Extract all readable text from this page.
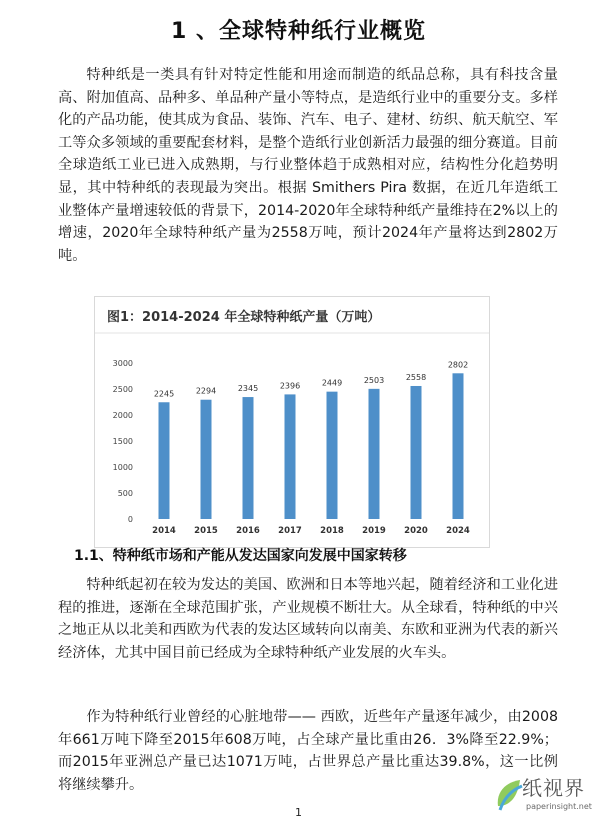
1 、全球特种纸行业概览
特种纸是一类具有针对特定性能和用途而制造的纸品总称，具有科技含量高、附加值高、品种多、单品种产量小等特点，是造纸行业中的重要分支。多样化的产品功能，使其成为食品、装饰、汽车、电子、建材、纺织、航天航空、军工等众多领域的重要配套材料，是整个造纸行业创新活力最强的细分赛道。目前全球造纸工业已进入成熟期，与行业整体趋于成熟相对应，结构性分化趋势明显，其中特种纸的表现最为突出。根据 Smithers Pira 数据，在近几年造纸工业整体产量增速较低的背景下，2014-2020年全球特种纸产量维持在2%以上的增速，2020年全球特种纸产量为2558万吨，预计2024年产量将达到2802万吨。
图1：2014-2024 年全球特种纸产量（万吨）
0
500
1000
1500
2000
2500
3000
2245
2014
2294
2015
2345
2016
2396
2017
2449
2018
2503
2019
2558
2020
2802
2024
1.1、特种纸市场和产能从发达国家向发展中国家转移
特种纸起初在较为发达的美国、欧洲和日本等地兴起，随着经济和工业化进程的推进，逐渐在全球范围扩张，产业规模不断壮大。从全球看，特种纸的中兴之地正从以北美和西欧为代表的发达区域转向以南美、东欧和亚洲为代表的新兴经济体，尤其中国目前已经成为全球特种纸产业发展的火车头。
作为特种纸行业曾经的心脏地带—— 西欧，近些年产量逐年减少，由2008年661万吨下降至2015年608万吨，占全球产量比重由26．3%降至22.9%；而2015年亚洲总产量已达1071万吨，占世界总产量比重达39.8%，这一比例将继续攀升。
1
纸视界
paperinsight.net
